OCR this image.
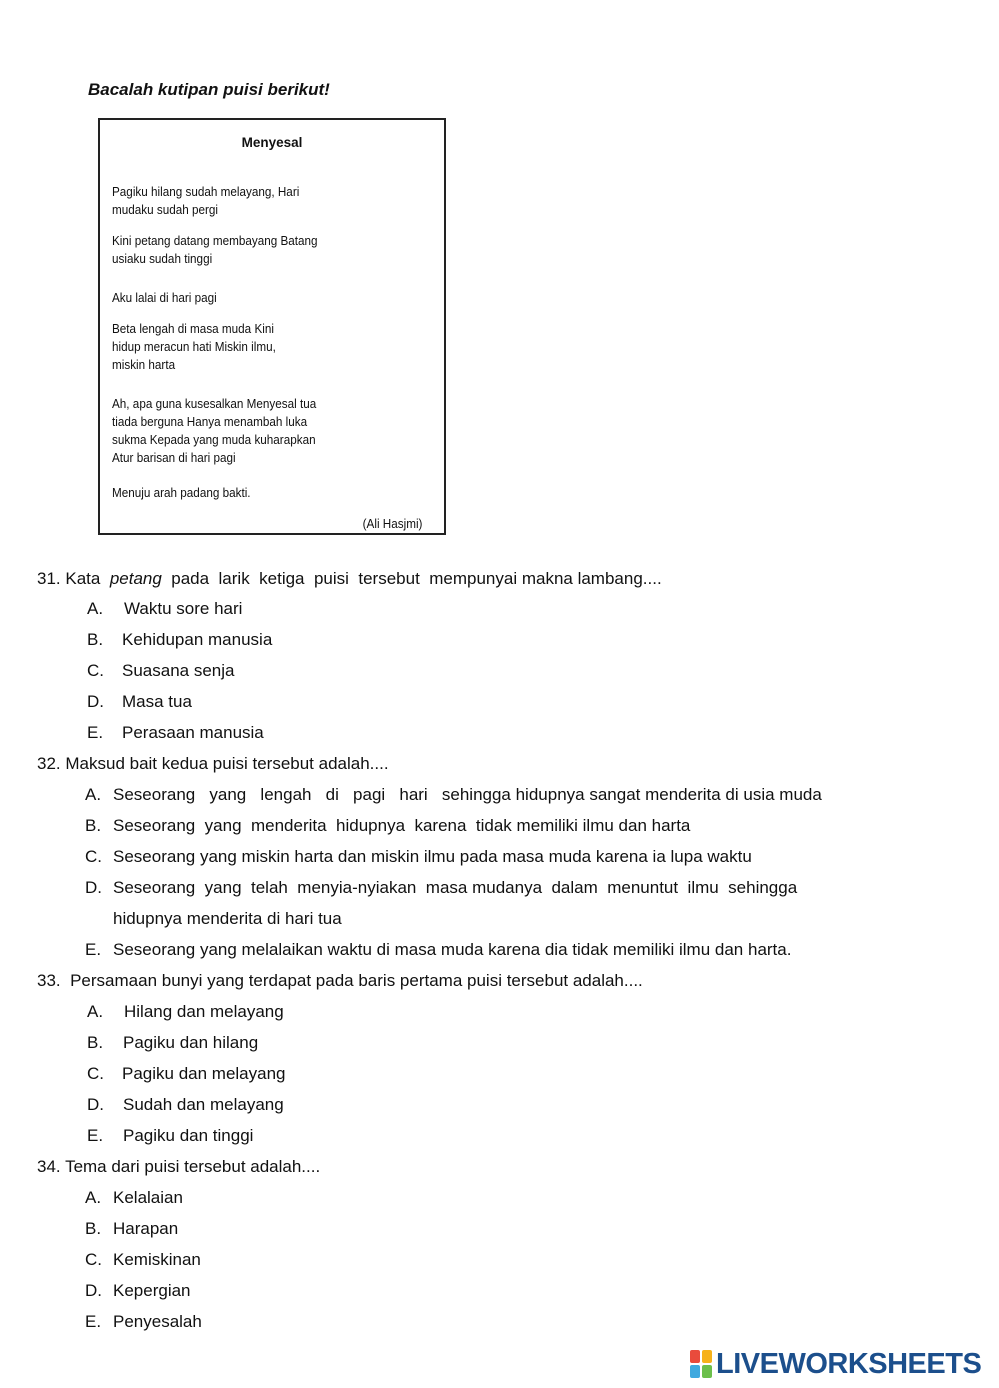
Bacalah kutipan puisi berikut!
Menyesal
Pagiku hilang sudah melayang, Hari
mudaku sudah pergi
Kini petang datang membayang Batang
usiaku sudah tinggi
Aku lalai di hari pagi
Beta lengah di masa muda Kini
hidup meracun hati Miskin ilmu,
miskin harta
Ah, apa guna kusesalkan Menyesal tua
tiada berguna Hanya menambah luka
sukma Kepada yang muda kuharapkan
Atur barisan di hari pagi
Menuju arah padang bakti.
(Ali Hasjmi)
31. Kata petang pada  larik  ketiga  puisi  tersebut  mempunyai makna lambang....
A. Waktu sore hari
B. Kehidupan manusia
C. Suasana senja
D. Masa tua
E. Perasaan manusia
32. Maksud bait kedua puisi tersebut adalah....
A. Seseorang   yang   lengah   di   pagi   hari   sehingga hidupnya sangat menderita di usia muda
B. Seseorang  yang  menderita  hidupnya  karena  tidak memiliki ilmu dan harta
C. Seseorang yang miskin harta dan miskin ilmu pada masa muda karena ia lupa waktu
D. Seseorang  yang  telah  menyia-nyiakan  masa mudanya  dalam  menuntut  ilmu  sehingga
hidupnya menderita di hari tua
E. Seseorang yang melalaikan waktu di masa muda karena dia tidak memiliki ilmu dan harta.
33. Persamaan bunyi yang terdapat pada baris pertama puisi tersebut adalah....
A. Hilang dan melayang
B. Pagiku dan hilang
C. Pagiku dan melayang
D. Sudah dan melayang
E. Pagiku dan tinggi
34. Tema dari puisi tersebut adalah....
A. Kelalaian
B. Harapan
C. Kemiskinan
D. Kepergian
E. Penyesalah
LIVEWORKSHEETS
